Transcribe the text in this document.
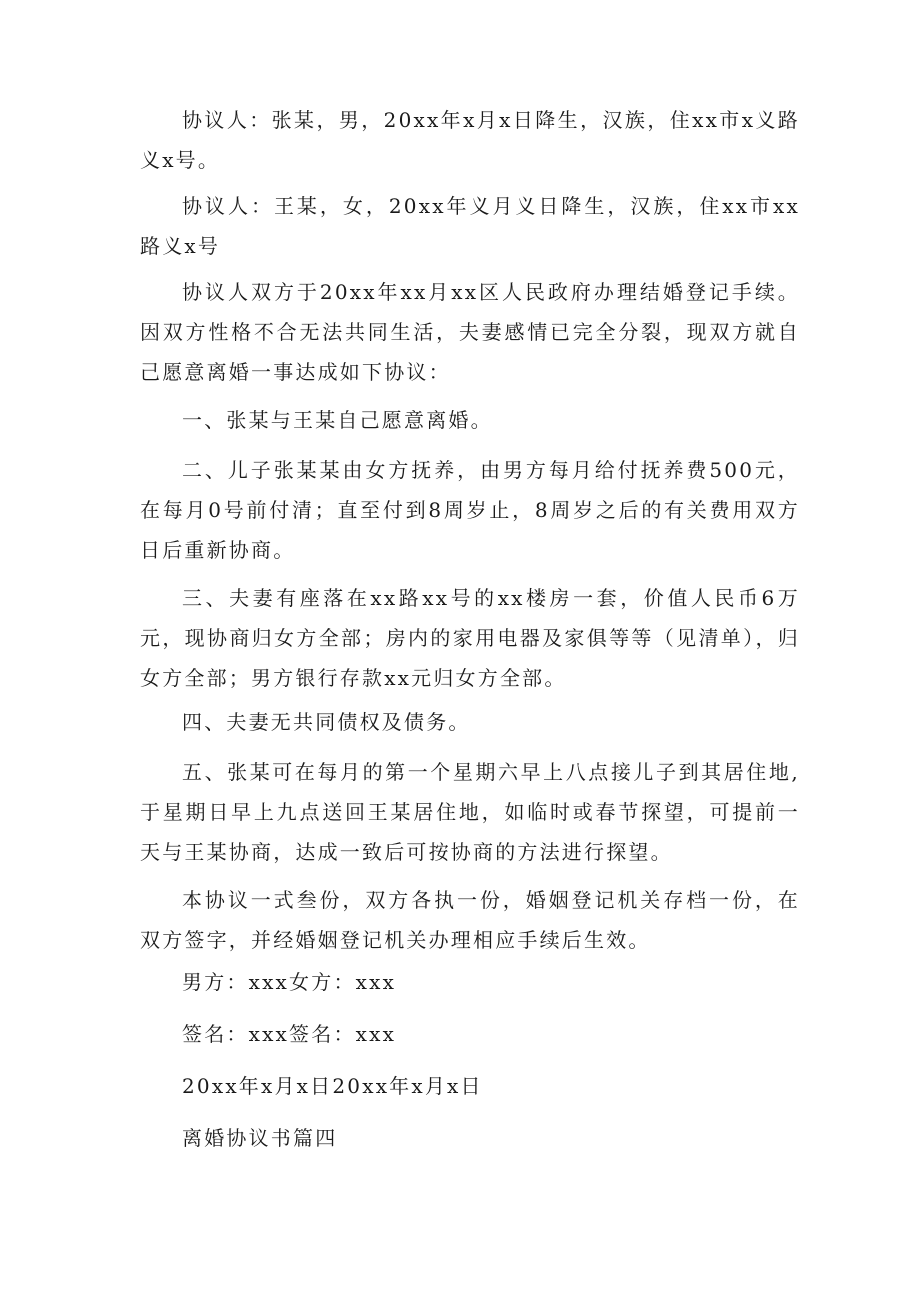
协议人：张某，男，20xx年x月x日降生，汉族，住xx市x义路义x号。

协议人：王某，女，20xx年义月义日降生，汉族，住xx市xx路义x号

协议人双方于20xx年xx月xx区人民政府办理结婚登记手续。因双方性格不合无法共同生活，夫妻感情已完全分裂，现双方就自己愿意离婚一事达成如下协议：

一、张某与王某自己愿意离婚。

二、儿子张某某由女方抚养，由男方每月给付抚养费500元，在每月0号前付清；直至付到8周岁止，8周岁之后的有关费用双方日后重新协商。

三、夫妻有座落在xx路xx号的xx楼房一套，价值人民币6万元，现协商归女方全部；房内的家用电器及家俱等等（见清单），归女方全部；男方银行存款xx元归女方全部。

四、夫妻无共同债权及债务。

五、张某可在每月的第一个星期六早上八点接儿子到其居住地,于星期日早上九点送回王某居住地，如临时或春节探望，可提前一天与王某协商，达成一致后可按协商的方法进行探望。

本协议一式叁份，双方各执一份，婚姻登记机关存档一份，在双方签字，并经婚姻登记机关办理相应手续后生效。

男方：xxx女方：xxx

签名：xxx签名：xxx

20xx年x月x日20xx年x月x日

离婚协议书篇四
